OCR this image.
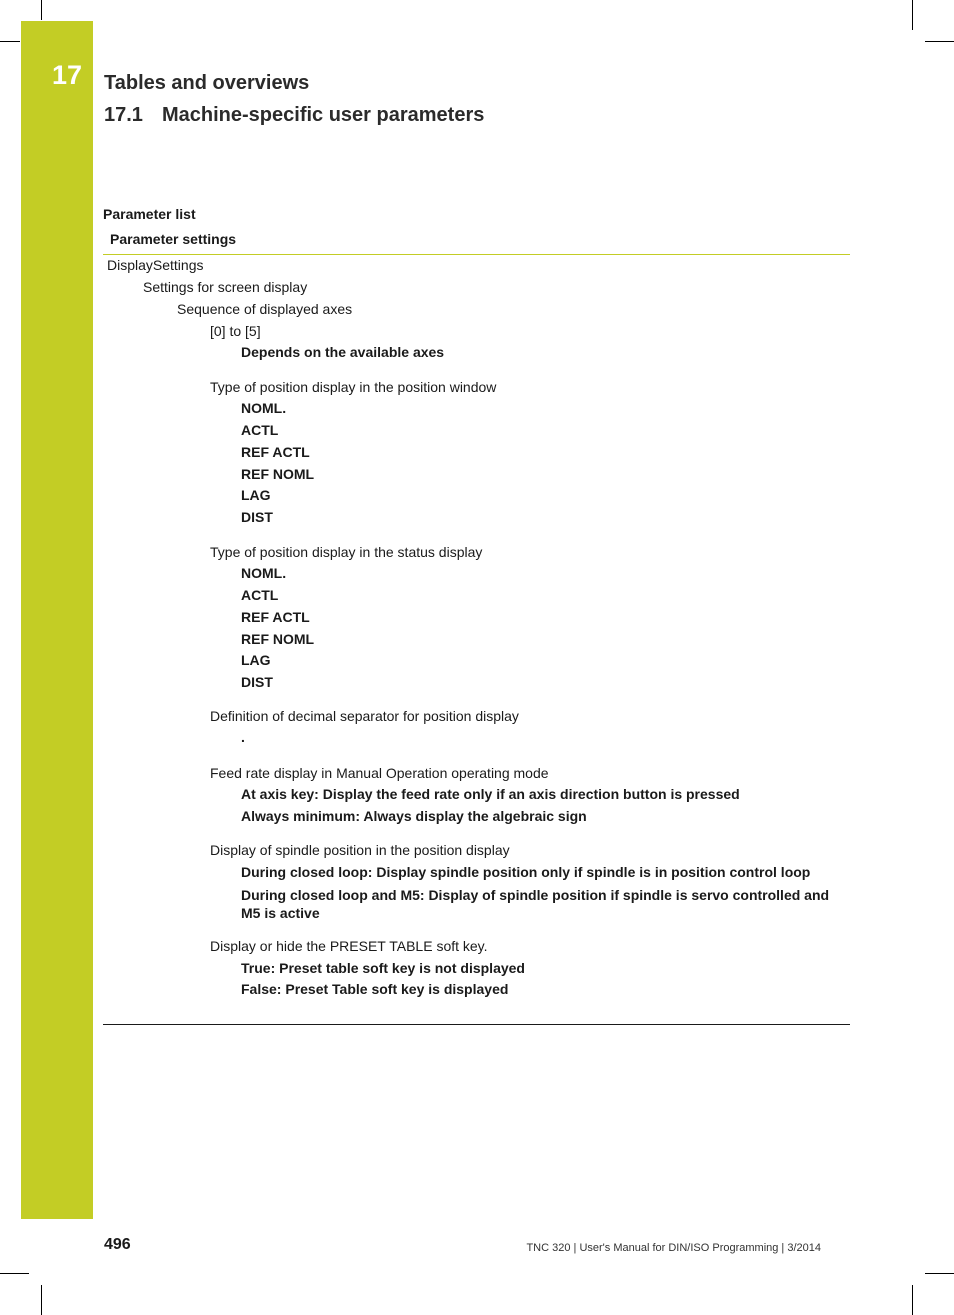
17 Tables and overviews
17.1 Machine-specific user parameters
Parameter list
Parameter settings
DisplaySettings
Settings for screen display
Sequence of displayed axes
[0] to [5]
Depends on the available axes
Type of position display in the position window
NOML.
ACTL
REF ACTL
REF NOML
LAG
DIST
Type of position display in the status display
NOML.
ACTL
REF ACTL
REF NOML
LAG
DIST
Definition of decimal separator for position display
.
Feed rate display in Manual Operation operating mode
At axis key: Display the feed rate only if an axis direction button is pressed
Always minimum: Always display the algebraic sign
Display of spindle position in the position display
During closed loop: Display spindle position only if spindle is in position control loop
During closed loop and M5: Display of spindle position if spindle is servo controlled and M5 is active
Display or hide the PRESET TABLE soft key.
True: Preset table soft key is not displayed
False: Preset Table soft key is displayed
496	TNC 320 | User's Manual for DIN/ISO Programming | 3/2014
